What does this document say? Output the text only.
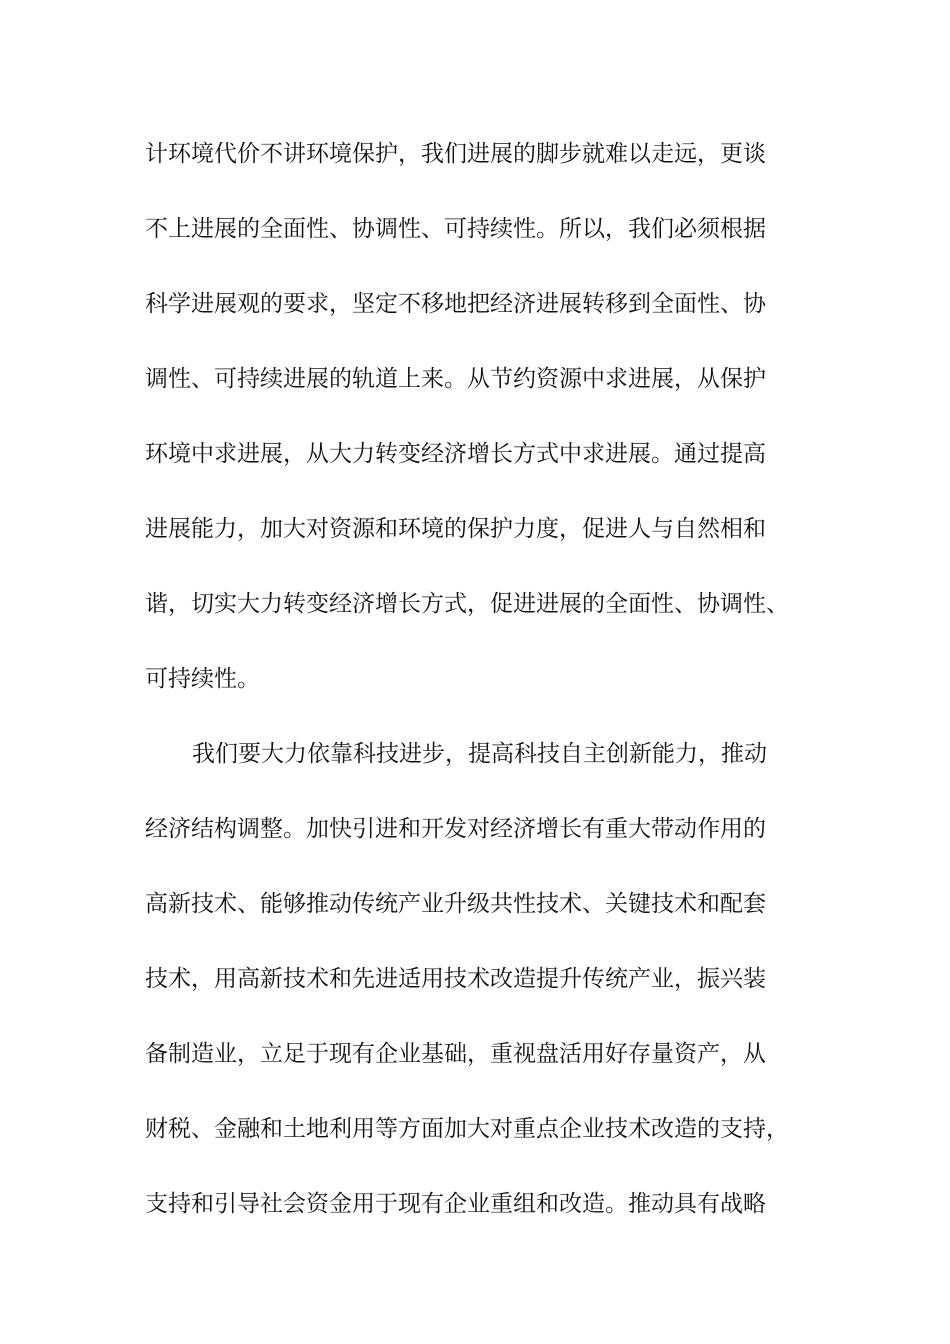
计环境代价不讲环境保护，我们进展的脚步就难以走远，更谈
不上进展的全面性、协调性、可持续性。所以，我们必须根据
科学进展观的要求，坚定不移地把经济进展转移到全面性、协
调性、可持续进展的轨道上来。从节约资源中求进展，从保护
环境中求进展，从大力转变经济增长方式中求进展。通过提高
进展能力，加大对资源和环境的保护力度，促进人与自然相和
谐，切实大力转变经济增长方式，促进进展的全面性、协调性、
可持续性。
我们要大力依靠科技进步，提高科技自主创新能力，推动
经济结构调整。加快引进和开发对经济增长有重大带动作用的
高新技术、能够推动传统产业升级共性技术、关键技术和配套
技术，用高新技术和先进适用技术改造提升传统产业，振兴装
备制造业，立足于现有企业基础，重视盘活用好存量资产，从
财税、金融和土地利用等方面加大对重点企业技术改造的支持，
支持和引导社会资金用于现有企业重组和改造。推动具有战略
